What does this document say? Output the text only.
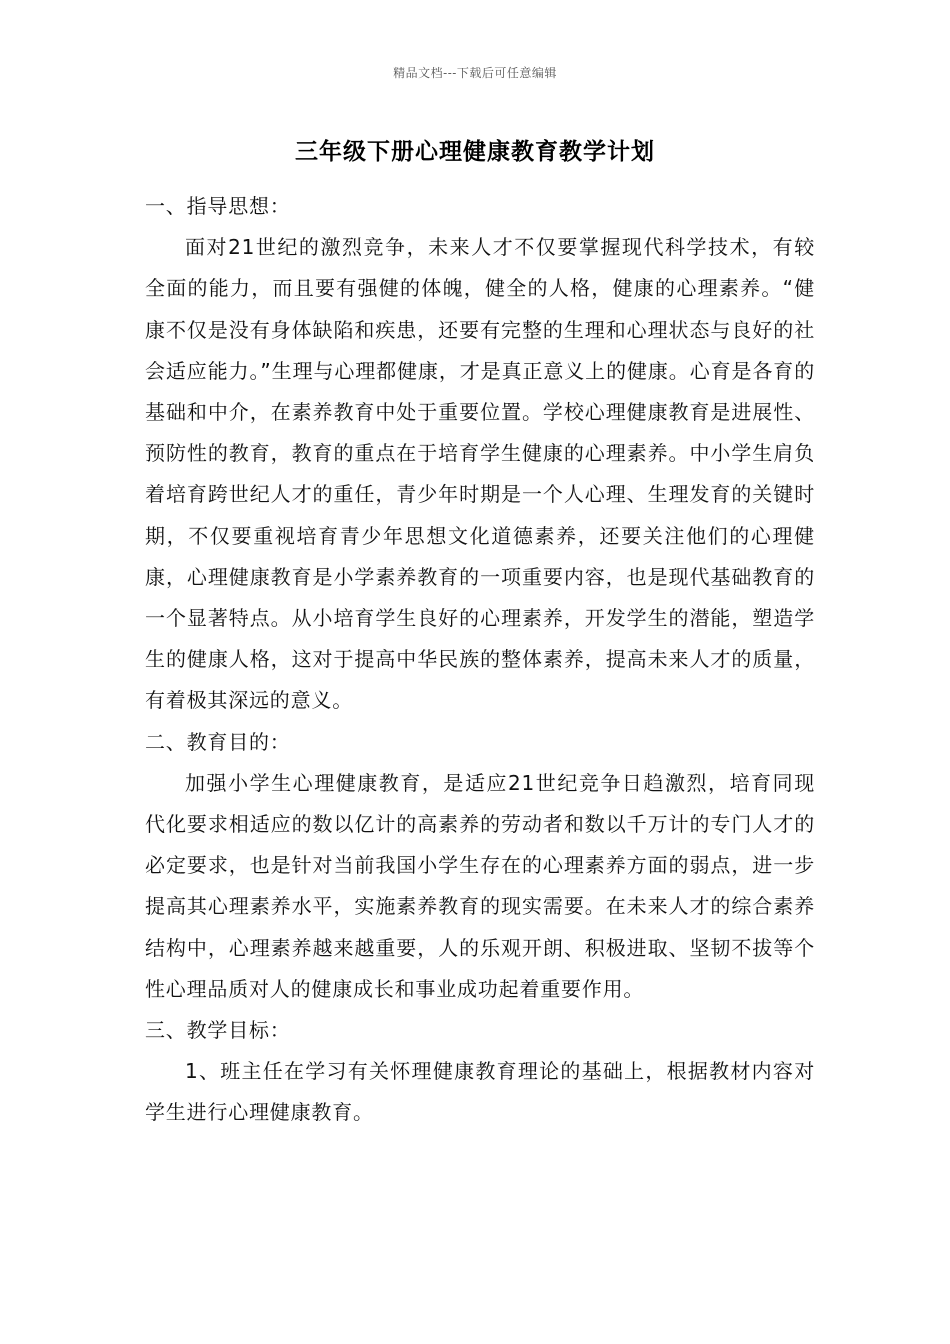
精品文档---下载后可任意编辑
三年级下册心理健康教育教学计划

一、指导思想：

面对21世纪的激烈竞争，未来人才不仅要掌握现代科学技术，有较全面的能力，而且要有强健的体魄，健全的人格，健康的心理素养。“健康不仅是没有身体缺陷和疾患，还要有完整的生理和心理状态与良好的社会适应能力。”生理与心理都健康，才是真正意义上的健康。心育是各育的基础和中介，在素养教育中处于重要位置。学校心理健康教育是进展性、预防性的教育，教育的重点在于培育学生健康的心理素养。中小学生肩负着培育跨世纪人才的重任，青少年时期是一个人心理、生理发育的关键时期，不仅要重视培育青少年思想文化道德素养，还要关注他们的心理健康，心理健康教育是小学素养教育的一项重要内容，也是现代基础教育的一个显著特点。从小培育学生良好的心理素养，开发学生的潜能，塑造学生的健康人格，这对于提高中华民族的整体素养，提高未来人才的质量，有着极其深远的意义。

二、教育目的：

加强小学生心理健康教育，是适应21世纪竞争日趋激烈，培育同现代化要求相适应的数以亿计的高素养的劳动者和数以千万计的专门人才的必定要求，也是针对当前我国小学生存在的心理素养方面的弱点，进一步提高其心理素养水平，实施素养教育的现实需要。在未来人才的综合素养结构中，心理素养越来越重要，人的乐观开朗、积极进取、坚韧不拔等个性心理品质对人的健康成长和事业成功起着重要作用。

三、教学目标：

1、班主任在学习有关怀理健康教育理论的基础上，根据教材内容对学生进行心理健康教育。
